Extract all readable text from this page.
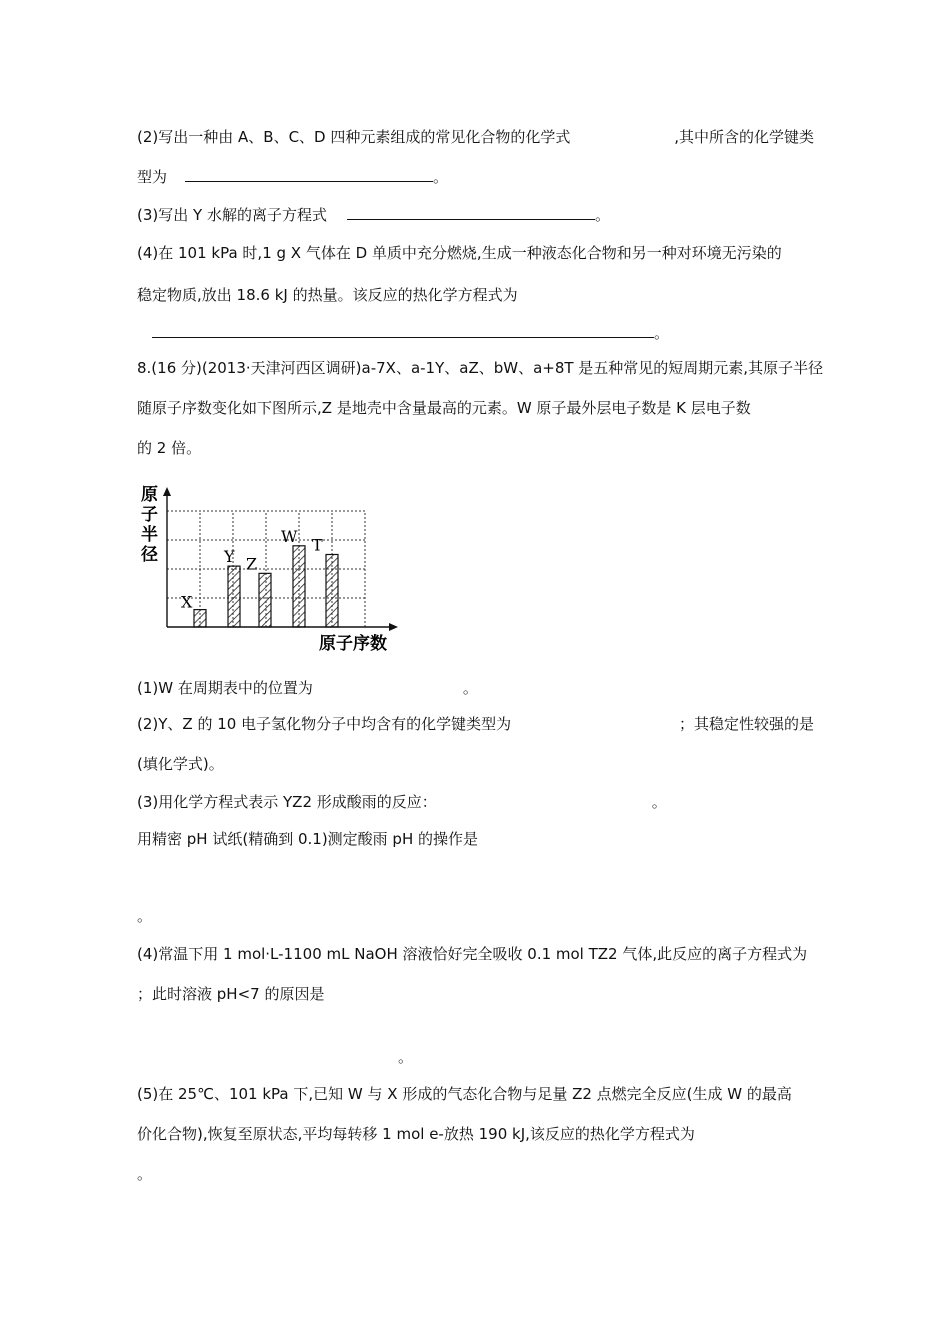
(2)写出一种由 A、B、C、D 四种元素组成的常见化合物的化学式	,其中所含的化学键类
型为	。
(3)写出 Y 水解的离子方程式	。
(4)在 101 kPa 时,1 g X 气体在 D 单质中充分燃烧,生成一种液态化合物和另一种对环境无污染的
稳定物质,放出 18.6 kJ 的热量。该反应的热化学方程式为
。
8.(16 分)(2013·天津河西区调研)a-7X、a-1Y、aZ、bW、a+8T 是五种常见的短周期元素,其原子半径
随原子序数变化如下图所示,Z 是地壳中含量最高的元素。W 原子最外层电子数是 K 层电子数
的 2 倍。
X
Y Z
W T
原子半径
原子序数
(1)W 在周期表中的位置为	。
(2)Y、Z 的 10 电子氢化物分子中均含有的化学键类型为	；其稳定性较强的是
(填化学式)。
(3)用化学方程式表示 YZ2 形成酸雨的反应：	。
用精密 pH 试纸(精确到 0.1)测定酸雨 pH 的操作是
。
(4)常温下用 1 mol·L-1100 mL NaOH 溶液恰好完全吸收 0.1 mol TZ2 气体,此反应的离子方程式为
；此时溶液 pH<7 的原因是
。
(5)在 25℃、101 kPa 下,已知 W 与 X 形成的气态化合物与足量 Z2 点燃完全反应(生成 W 的最高
价化合物),恢复至原状态,平均每转移 1 mol e-放热 190 kJ,该反应的热化学方程式为
。
